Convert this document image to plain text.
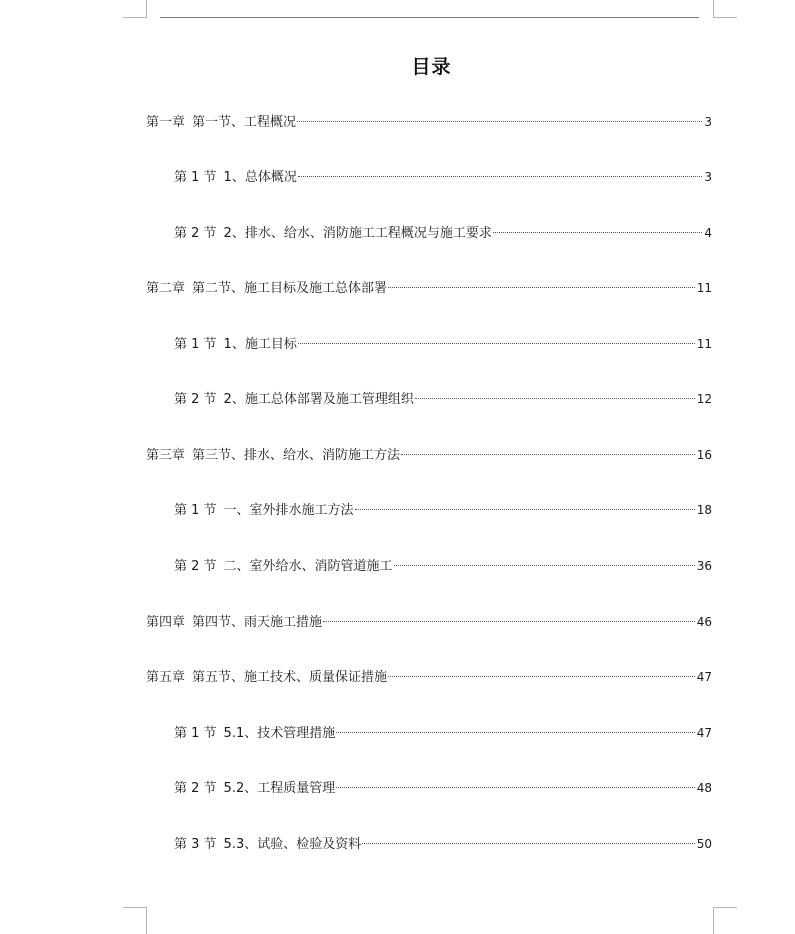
目录
第一章 第一节、工程概况	3
第 1 节 1、总体概况	3
第 2 节 2、排水、给水、消防施工工程概况与施工要求	4
第二章 第二节、施工目标及施工总体部署	11
第 1 节 1、施工目标	11
第 2 节 2、施工总体部署及施工管理组织	12
第三章 第三节、排水、给水、消防施工方法	16
第 1 节 一、室外排水施工方法	18
第 2 节 二、室外给水、消防管道施工	36
第四章 第四节、雨天施工措施	46
第五章 第五节、施工技术、质量保证措施	47
第 1 节 5.1、技术管理措施	47
第 2 节 5.2、工程质量管理	48
第 3 节 5.3、试验、检验及资料	50
